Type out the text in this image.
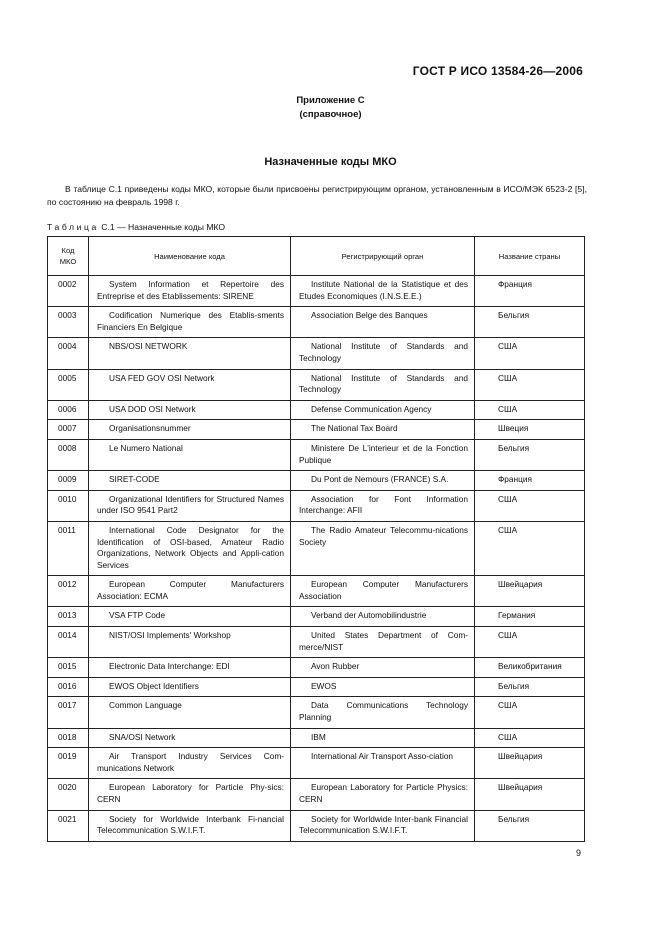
ГОСТ Р ИСО 13584-26—2006
Приложение С
(справочное)
Назначенные коды МКО

В таблице С.1 приведены коды МКО, которые были присвоены регистрирующим органом, установленным в ИСО/МЭК 6523-2 [5], по состоянию на февраль 1998 г.

Таблица С.1 — Назначенные коды МКО
Код МКО	Наименование кода	Регистрирующий орган	Название страны
0002	System Information et Repertoire des Entreprise et des Etablissements: SIRENE	Institute National de la Statistique et des Etudes Economiques (I.N.S.E.E.)	Франция
0003	Codification Numerique des Etablis-sments Financiers En Belgique	Association Belge des Banques	Бельгия
0004	NBS/OSI NETWORK	National Institute of Standards and Technology	США
0005	USA FED GOV OSI Network	National Institute of Standards and Technology	США
0006	USA DOD OSI Network	Defense Communication Agency	США
0007	Organisationsnummer	The National Tax Board	Швеция
0008	Le Numero National	Ministere De L'interieur et de la Fonction Publique	Бельгия
0009	SIRET-CODE	Du Pont de Nemours (FRANCE) S.A.	Франция
0010	Organizational Identifiers for Structured Names under ISO 9541 Part2	Association for Font Information Interchange: AFII	США
0011	International Code Designator for the Identification of OSI-based, Amateur Radio Organizations, Network Objects and Appli-cation Services	The Radio Amateur Telecommu-nications Society	США
0012	European Computer Manufacturers Association: ECMA	European Computer Manufacturers Association	Швейцария
0013	VSA FTP Code	Verband der Automobilindustrie	Германия
0014	NIST/OSI Implements' Workshop	United States Department of Com-merce/NIST	США
0015	Electronic Data Interchange: EDI	Avon Rubber	Великобритания
0016	EWOS Object Identifiers	EWOS	Бельгия
0017	Common Language	Data Communications Technology Planning	США
0018	SNA/OSI Network	IBM	США
0019	Air Transport Industry Services Com-munications Network	International Air Transport Asso-ciation	Швейцария
0020	European Laboratory for Particle Phy-sics: CERN	European Laboratory for Particle Physics: CERN	Швейцария
0021	Society for Worldwide Interbank Fi-nancial Telecommunication S.W.I.F.T.	Society for Worldwide Inter-bank Financial Telecommunication S.W.I.F.T.	Бельгия
9
